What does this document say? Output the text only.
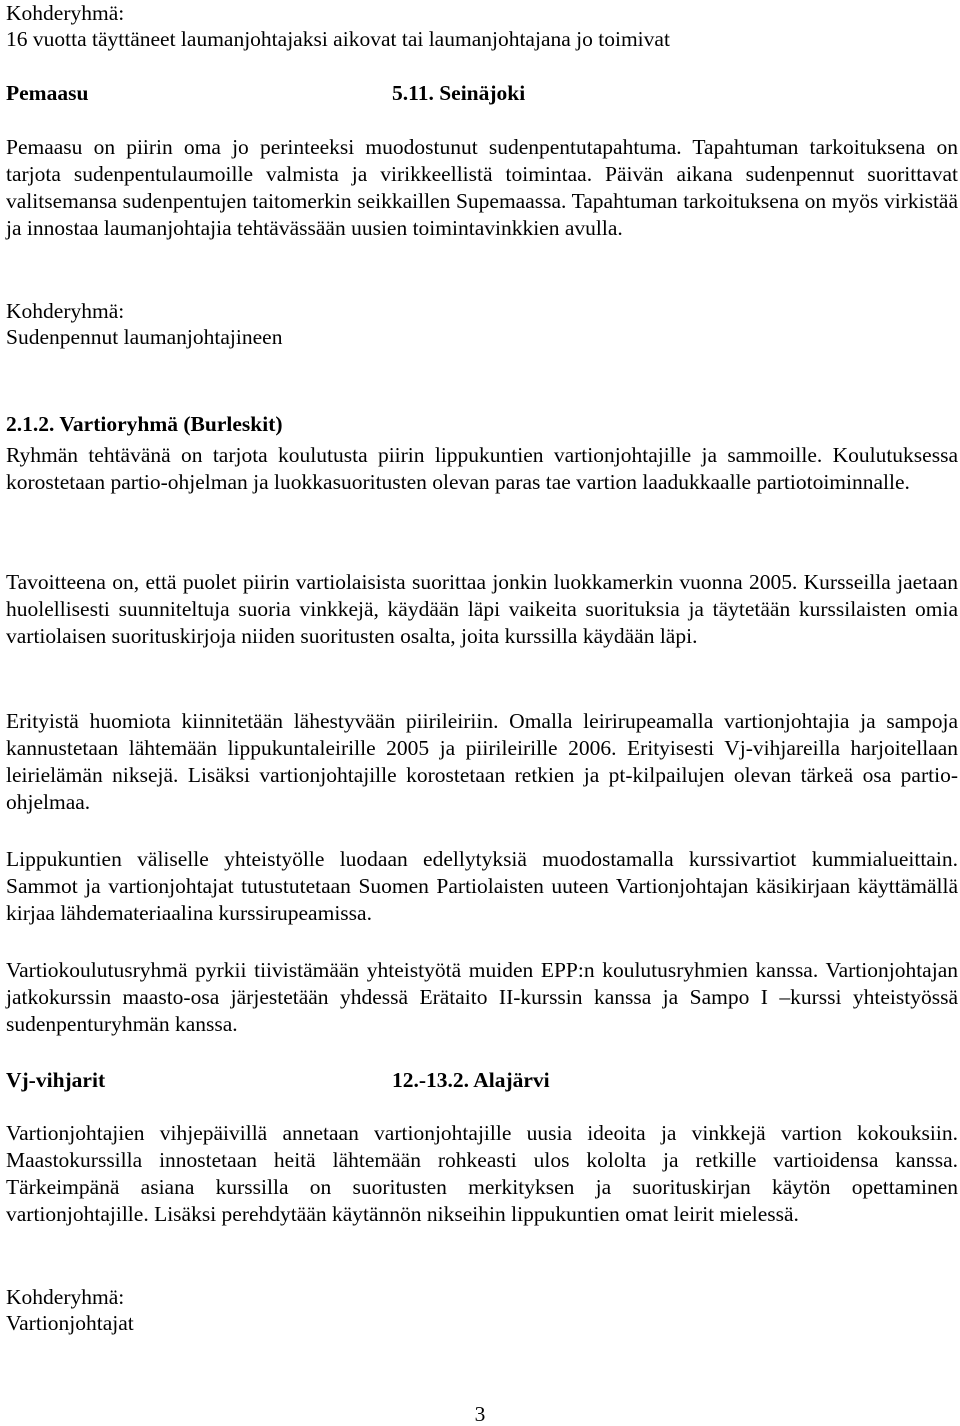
Kohderyhmä:
16 vuotta täyttäneet laumanjohtajaksi aikovat tai laumanjohtajana jo toimivat
Pemaasu	5.11. Seinäjoki

Pemaasu on piirin oma jo perinteeksi muodostunut sudenpentutapahtuma. Tapahtuman tarkoituksena on tarjota sudenpentulaumoille valmista ja virikkeellistä toimintaa. Päivän aikana sudenpennut suorittavat valitsemansa sudenpentujen taitomerkin seikkaillen Supemaassa. Tapahtuman tarkoituksena on myös virkistää ja innostaa laumanjohtajia tehtävässään uusien toimintavinkkien avulla.

Kohderyhmä:
Sudenpennut laumanjohtajineen
2.1.2. Vartioryhmä (Burleskit)

Ryhmän tehtävänä on tarjota koulutusta piirin lippukuntien vartionjohtajille ja sammoille. Koulutuksessa korostetaan partio-ohjelman ja luokkasuoritusten olevan paras tae vartion laadukkaalle partiotoiminnalle.

Tavoitteena on, että puolet piirin vartiolaisista suorittaa jonkin luokkamerkin vuonna 2005. Kursseilla jaetaan huolellisesti suunniteltuja suoria vinkkejä, käydään läpi vaikeita suorituksia ja täytetään kurssilaisten omia vartiolaisen suorituskirjoja niiden suoritusten osalta, joita kurssilla käydään läpi.

Erityistä huomiota kiinnitetään lähestyvään piirileiriin. Omalla leirirupeamalla vartionjohtajia ja sampoja kannustetaan lähtemään lippukuntaleirille 2005 ja piirileirille 2006. Erityisesti Vj-vihjareilla harjoitellaan leirielämän niksejä. Lisäksi vartionjohtajille korostetaan retkien ja pt-kilpailujen olevan tärkeä osa partio-ohjelmaa.

Lippukuntien väliselle yhteistyölle luodaan edellytyksiä muodostamalla kurssivartiot kummialueittain. Sammot ja vartionjohtajat tutustutetaan Suomen Partiolaisten uuteen Vartionjohtajan käsikirjaan käyttämällä kirjaa lähdemateriaalina kurssirupeamissa.

Vartiokoulutusryhmä pyrkii tiivistämään yhteistyötä muiden EPP:n koulutusryhmien kanssa. Vartionjohtajan jatkokurssin maasto-osa järjestetään yhdessä Erätaito II-kurssin kanssa ja Sampo I –kurssi yhteistyössä sudenpenturyhmän kanssa.

Vj-vihjarit	12.-13.2. Alajärvi

Vartionjohtajien vihjepäivillä annetaan vartionjohtajille uusia ideoita ja vinkkejä vartion kokouksiin. Maastokurssilla innostetaan heitä lähtemään rohkeasti ulos kololta ja retkille vartioidensa kanssa. Tärkeimpänä asiana kurssilla on suoritusten merkityksen ja suorituskirjan käytön opettaminen vartionjohtajille. Lisäksi perehdytään käytännön nikseihin lippukuntien omat leirit mielessä.

Kohderyhmä:
Vartionjohtajat
3
